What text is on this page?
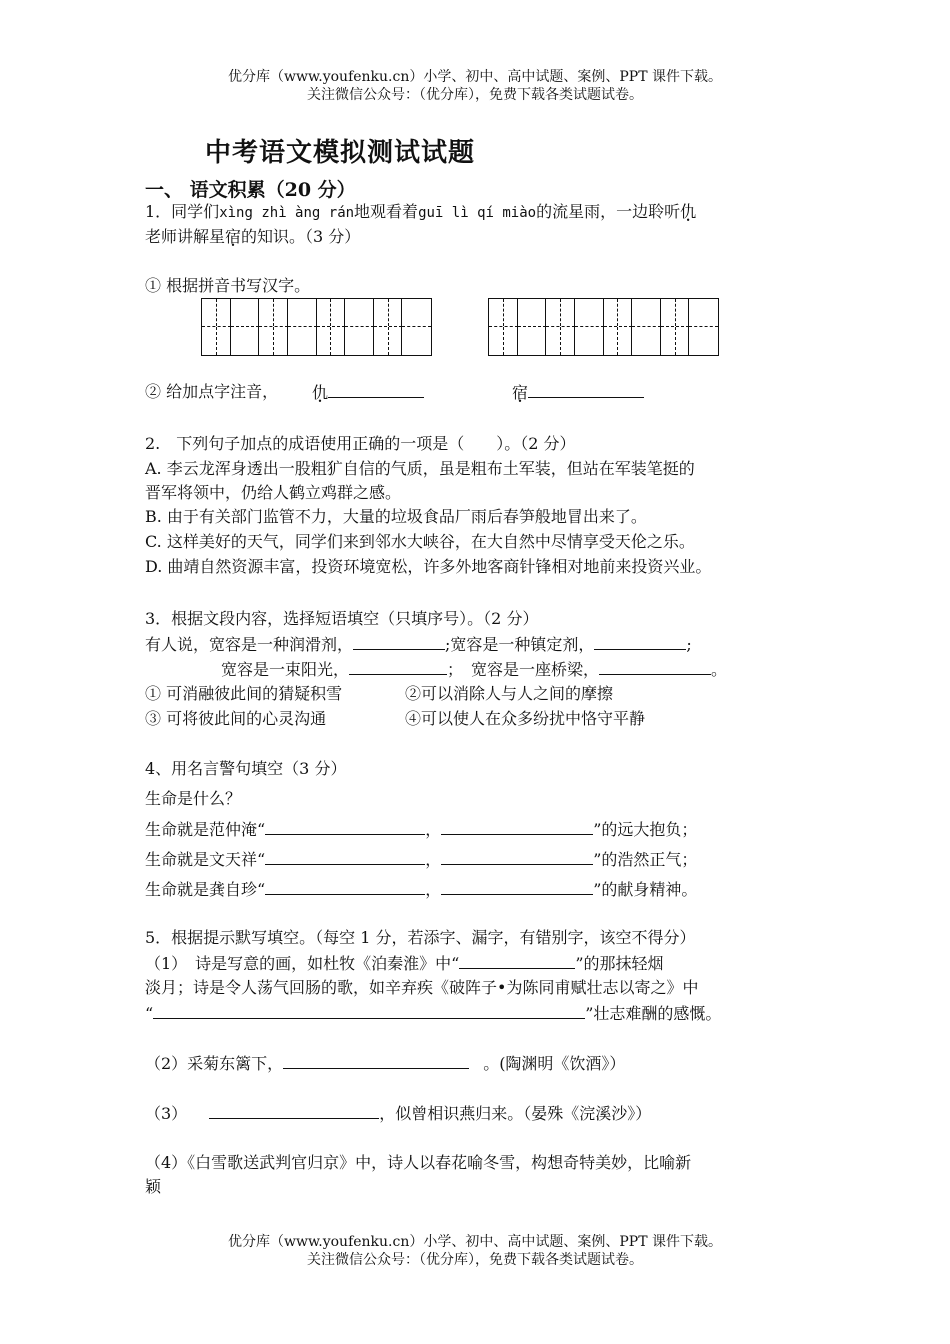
优分库（www.youfenku.cn）小学、初中、高中试题、案例、PPT 课件下载。
关注微信公众号：（优分库），免费下载各类试题试卷。
中考语文模拟测试试题
一、 语文积累（20 分）
1．同学们xìng zhì àng rán地观看着guī lì qí miào的流星雨，一边聆听仇
老师讲解星宿的知识。（3 分）
① 根据拼音书写汉字。
② 给加点字注音， 仇	宿
2.　下列句子加点的成语使用正确的一项是（　　）。（2 分）
A. 李云龙浑身透出一股粗犷自信的气质，虽是粗布土军装，但站在军装笔挺的
晋军将领中，仍给人鹤立鸡群之感。
B. 由于有关部门监管不力，大量的垃圾食品厂雨后春笋般地冒出来了。
C. 这样美好的天气，同学们来到邻水大峡谷，在大自然中尽情享受天伦之乐。
D. 曲靖自然资源丰富，投资环境宽松，许多外地客商针锋相对地前来投资兴业。
3．根据文段内容，选择短语填空（只填序号）。（2 分）
有人说，宽容是一种润滑剂，	;宽容是一种镇定剂，	;
宽容是一束阳光，	；　宽容是一座桥梁，	。
① 可消融彼此间的猜疑积雪	②可以消除人与人之间的摩擦
③ 可将彼此间的心灵沟通	④可以使人在众多纷扰中恪守平静
4、用名言警句填空（3 分）
生命是什么？
生命就是范仲淹“	，	”的远大抱负；
生命就是文天祥“	，	”的浩然正气；
生命就是龚自珍“	，	”的献身精神。
5．根据提示默写填空。（每空 1 分，若添字、漏字，有错别字，该空不得分）
（1）　诗是写意的画，如杜牧《泊秦淮》中“	”的那抹轻烟
淡月；诗是令人荡气回肠的歌，如辛弃疾《破阵子•为陈同甫赋壮志以寄之》中
“	”壮志难酬的感慨。
（2）采菊东篱下，	。(陶渊明《饮酒》）
（3）	，似曾相识燕归来。（晏殊《浣溪沙》）
（4）《白雪歌送武判官归京》中，诗人以春花喻冬雪，构想奇特美妙，比喻新
颖
优分库（www.youfenku.cn）小学、初中、高中试题、案例、PPT 课件下载。
关注微信公众号：（优分库），免费下载各类试题试卷。
